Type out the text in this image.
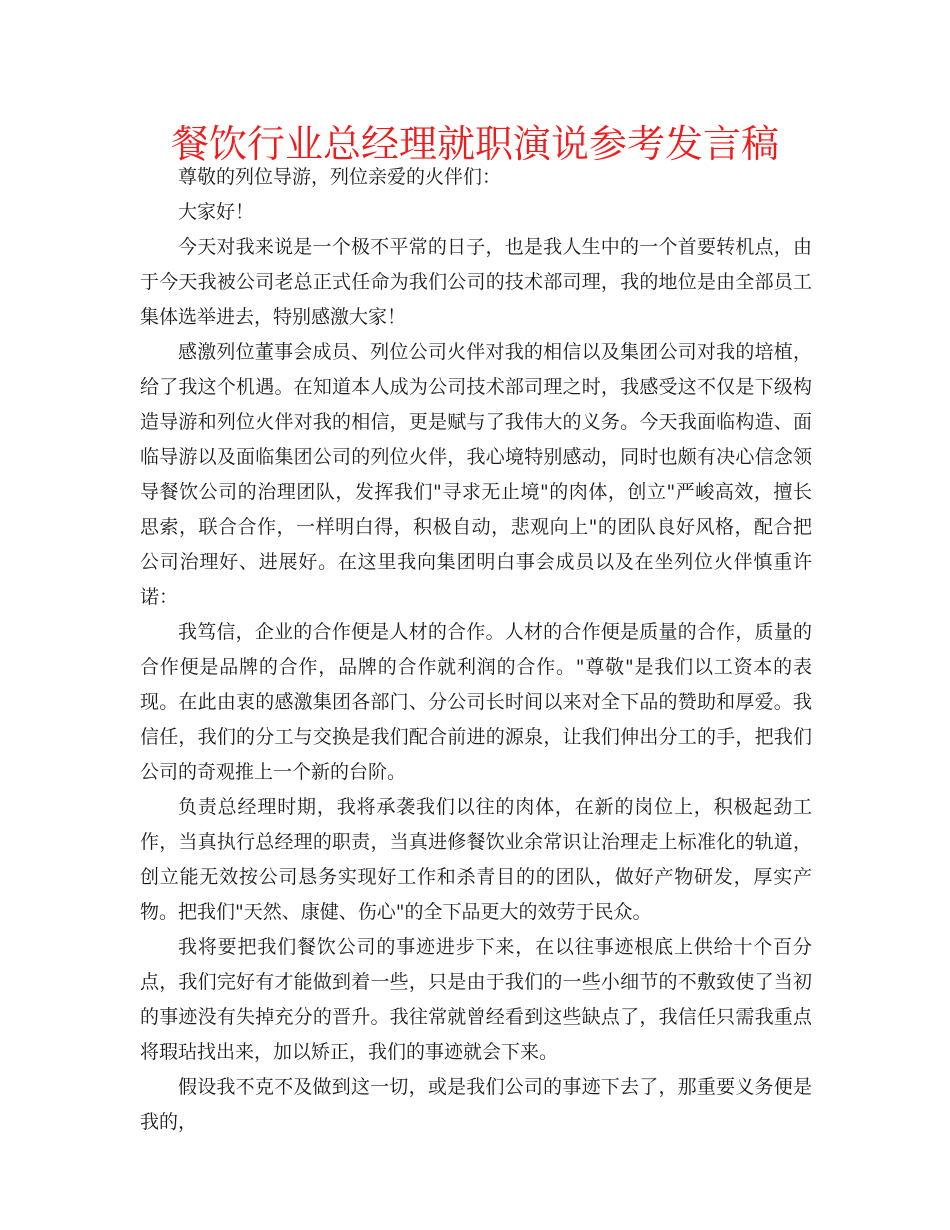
餐饮行业总经理就职演说参考发言稿

尊敬的列位导游，列位亲爱的火伴们：

大家好！

今天对我来说是一个极不平常的日子，也是我人生中的一个首要转机点，由于今天我被公司老总正式任命为我们公司的技术部司理，我的地位是由全部员工集体选举进去，特别感激大家！

感激列位董事会成员、列位公司火伴对我的相信以及集团公司对我的培植，给了我这个机遇。在知道本人成为公司技术部司理之时，我感受这不仅是下级构造导游和列位火伴对我的相信，更是赋与了我伟大的义务。今天我面临构造、面临导游以及面临集团公司的列位火伴，我心境特别感动，同时也颇有决心信念领导餐饮公司的治理团队，发挥我们"寻求无止境"的肉体，创立"严峻高效，擅长思索，联合合作，一样明白得，积极自动，悲观向上"的团队良好风格，配合把公司治理好、进展好。在这里我向集团明白事会成员以及在坐列位火伴慎重许诺：

我笃信，企业的合作便是人材的合作。人材的合作便是质量的合作，质量的合作便是品牌的合作，品牌的合作就利润的合作。"尊敬"是我们以工资本的表现。在此由衷的感激集团各部门、分公司长时间以来对全下品的赞助和厚爱。我信任，我们的分工与交换是我们配合前进的源泉，让我们伸出分工的手，把我们公司的奇观推上一个新的台阶。

负责总经理时期，我将承袭我们以往的肉体，在新的岗位上，积极起劲工作，当真执行总经理的职责，当真进修餐饮业余常识让治理走上标准化的轨道，创立能无效按公司恳务实现好工作和杀青目的的团队，做好产物研发，厚实产物。把我们"天然、康健、伤心"的全下品更大的效劳于民众。

我将要把我们餐饮公司的事迹进步下来，在以往事迹根底上供给十个百分点，我们完好有才能做到着一些，只是由于我们的一些小细节的不敷致使了当初的事迹没有失掉充分的晋升。我往常就曾经看到这些缺点了，我信任只需我重点将瑕玷找出来，加以矫正，我们的事迹就会下来。

假设我不克不及做到这一切，或是我们公司的事迹下去了，那重要义务便是我的，
